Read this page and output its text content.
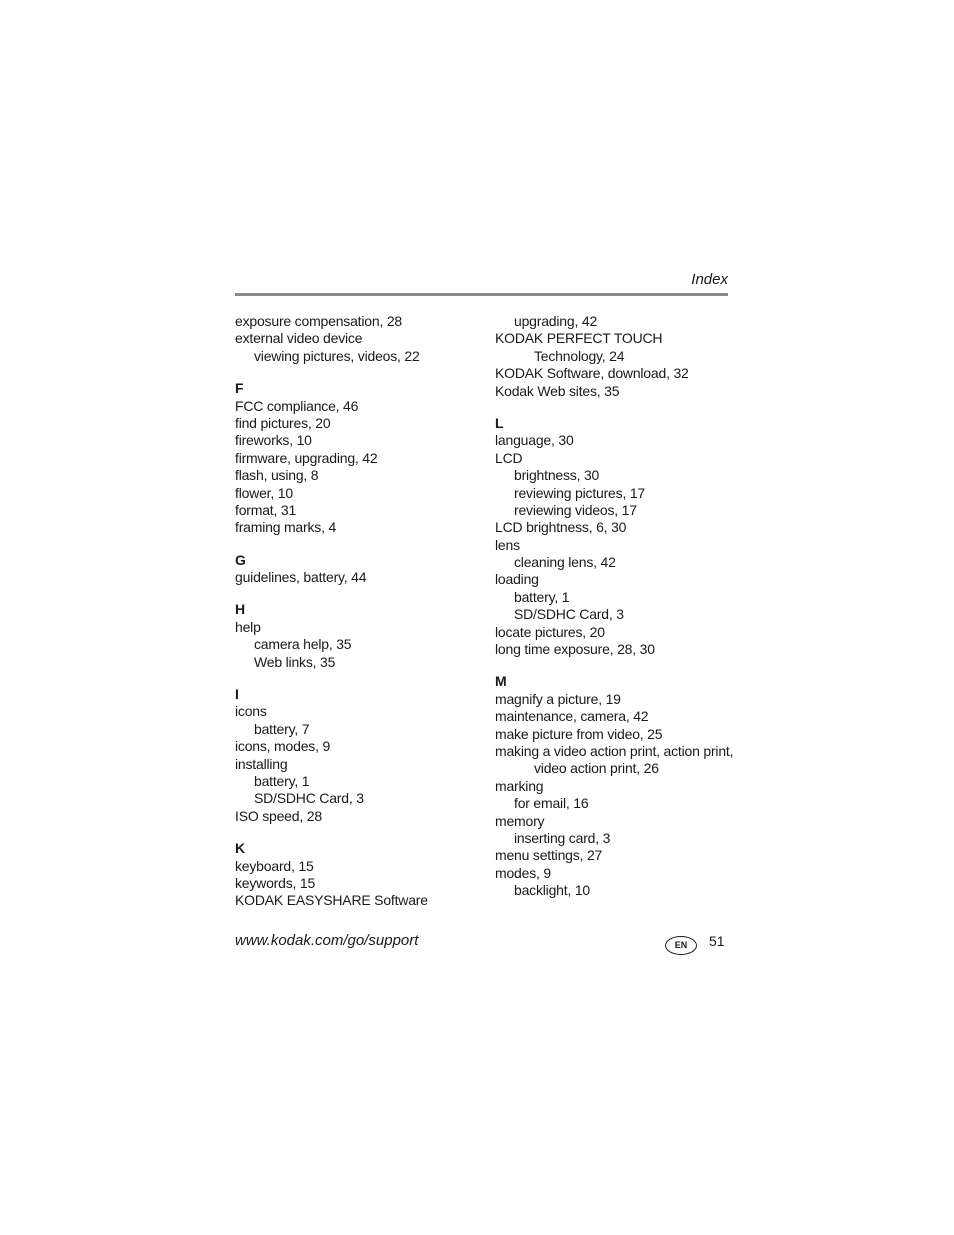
Index
exposure compensation, 28
external video device
viewing pictures, videos, 22
F
FCC compliance, 46
find pictures, 20
fireworks, 10
firmware, upgrading, 42
flash, using, 8
flower, 10
format, 31
framing marks, 4
G
guidelines, battery, 44
H
help
camera help, 35
Web links, 35
I
icons
battery, 7
icons, modes, 9
installing
battery, 1
SD/SDHC Card, 3
ISO speed, 28
K
keyboard, 15
keywords, 15
KODAK EASYSHARE Software
upgrading, 42
KODAK PERFECT TOUCH
Technology, 24
KODAK Software, download, 32
Kodak Web sites, 35
L
language, 30
LCD
brightness, 30
reviewing pictures, 17
reviewing videos, 17
LCD brightness, 6, 30
lens
cleaning lens, 42
loading
battery, 1
SD/SDHC Card, 3
locate pictures, 20
long time exposure, 28, 30
M
magnify a picture, 19
maintenance, camera, 42
make picture from video, 25
making a video action print, action print,
video action print, 26
marking
for email, 16
memory
inserting card, 3
menu settings, 27
modes, 9
backlight, 10
www.kodak.com/go/support	EN	51
